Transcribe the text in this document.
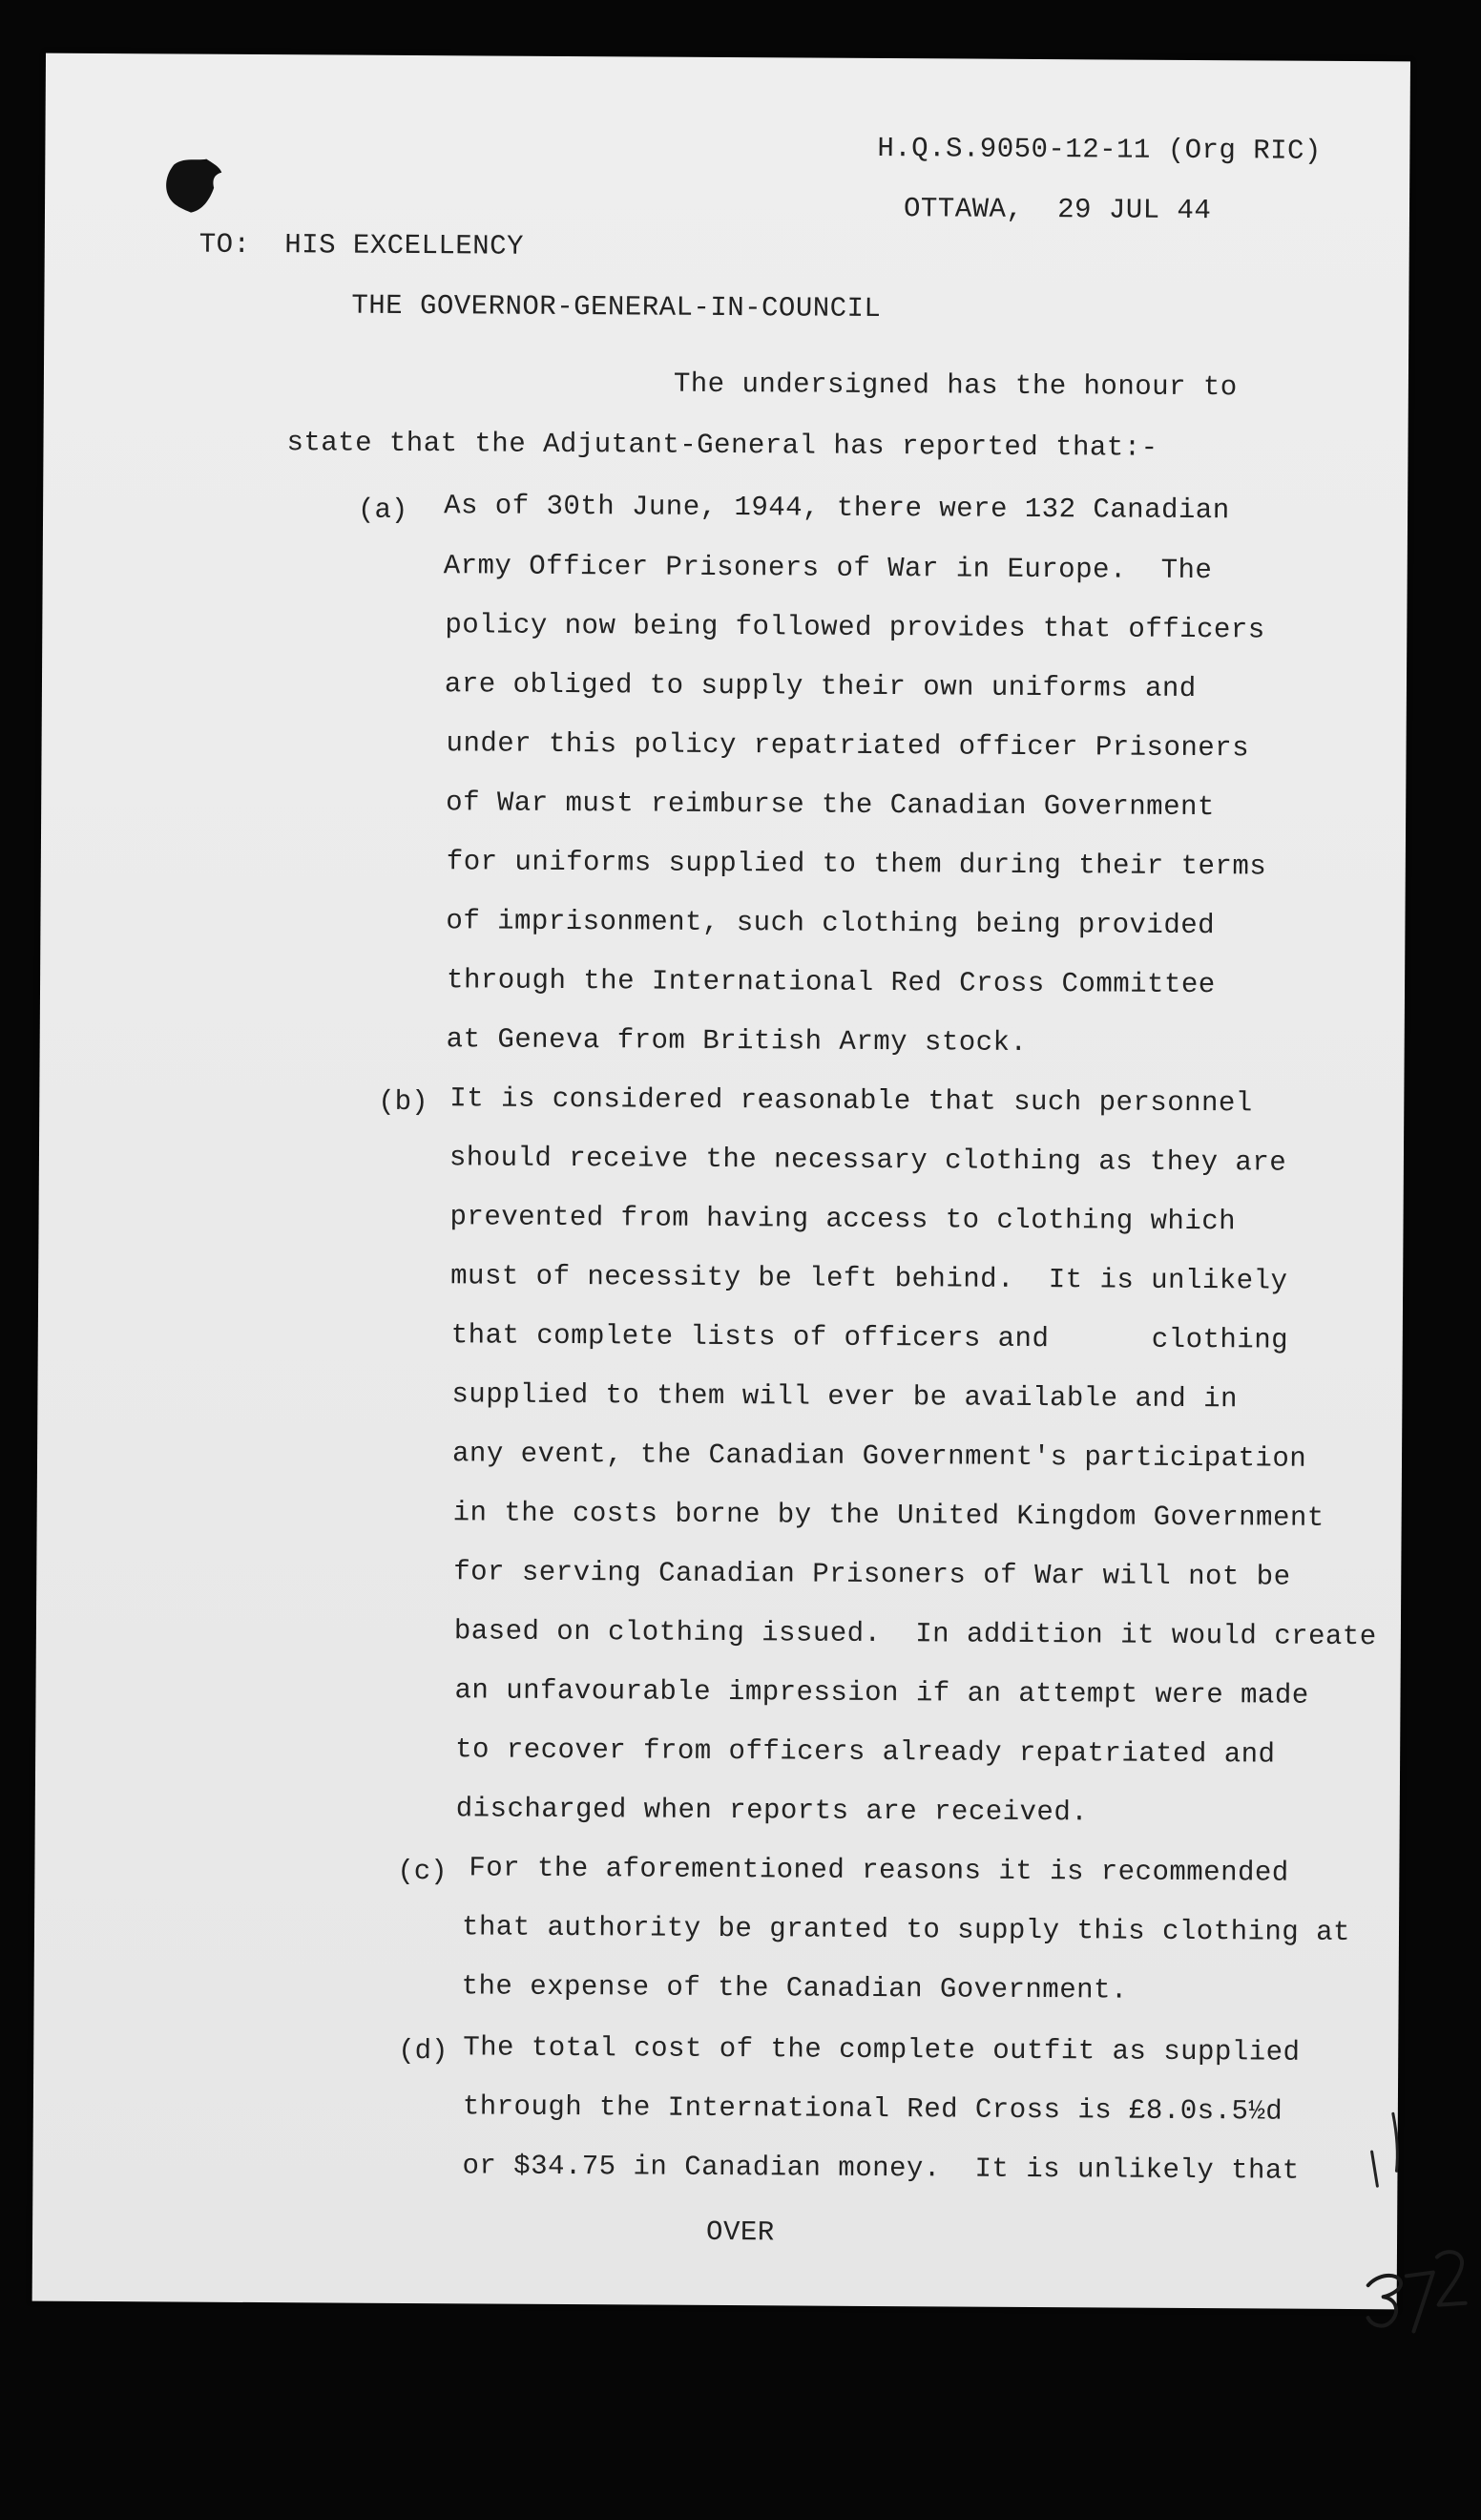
H.Q.S.9050-12-11 (Org RIC)
OTTAWA,  29 JUL 44
TO:  HIS EXCELLENCY
THE GOVERNOR-GENERAL-IN-COUNCIL
The undersigned has the honour to
state that the Adjutant-General has reported that:-
(a) As of 30th June, 1944, there were 132 Canadian
Army Officer Prisoners of War in Europe.  The
policy now being followed provides that officers
are obliged to supply their own uniforms and
under this policy repatriated officer Prisoners
of War must reimburse the Canadian Government
for uniforms supplied to them during their terms
of imprisonment, such clothing being provided
through the International Red Cross Committee
at Geneva from British Army stock.
(b) It is considered reasonable that such personnel
should receive the necessary clothing as they are
prevented from having access to clothing which
must of necessity be left behind.  It is unlikely
that complete lists of officers and      clothing
supplied to them will ever be available and in
any event, the Canadian Government's participation
in the costs borne by the United Kingdom Government
for serving Canadian Prisoners of War will not be
based on clothing issued.  In addition it would create
an unfavourable impression if an attempt were made
to recover from officers already repatriated and
discharged when reports are received.
(c) For the aforementioned reasons it is recommended
that authority be granted to supply this clothing at
the expense of the Canadian Government.
(d) The total cost of the complete outfit as supplied
through the International Red Cross is £8.0s.5½d
or $34.75 in Canadian money.  It is unlikely that
OVER
